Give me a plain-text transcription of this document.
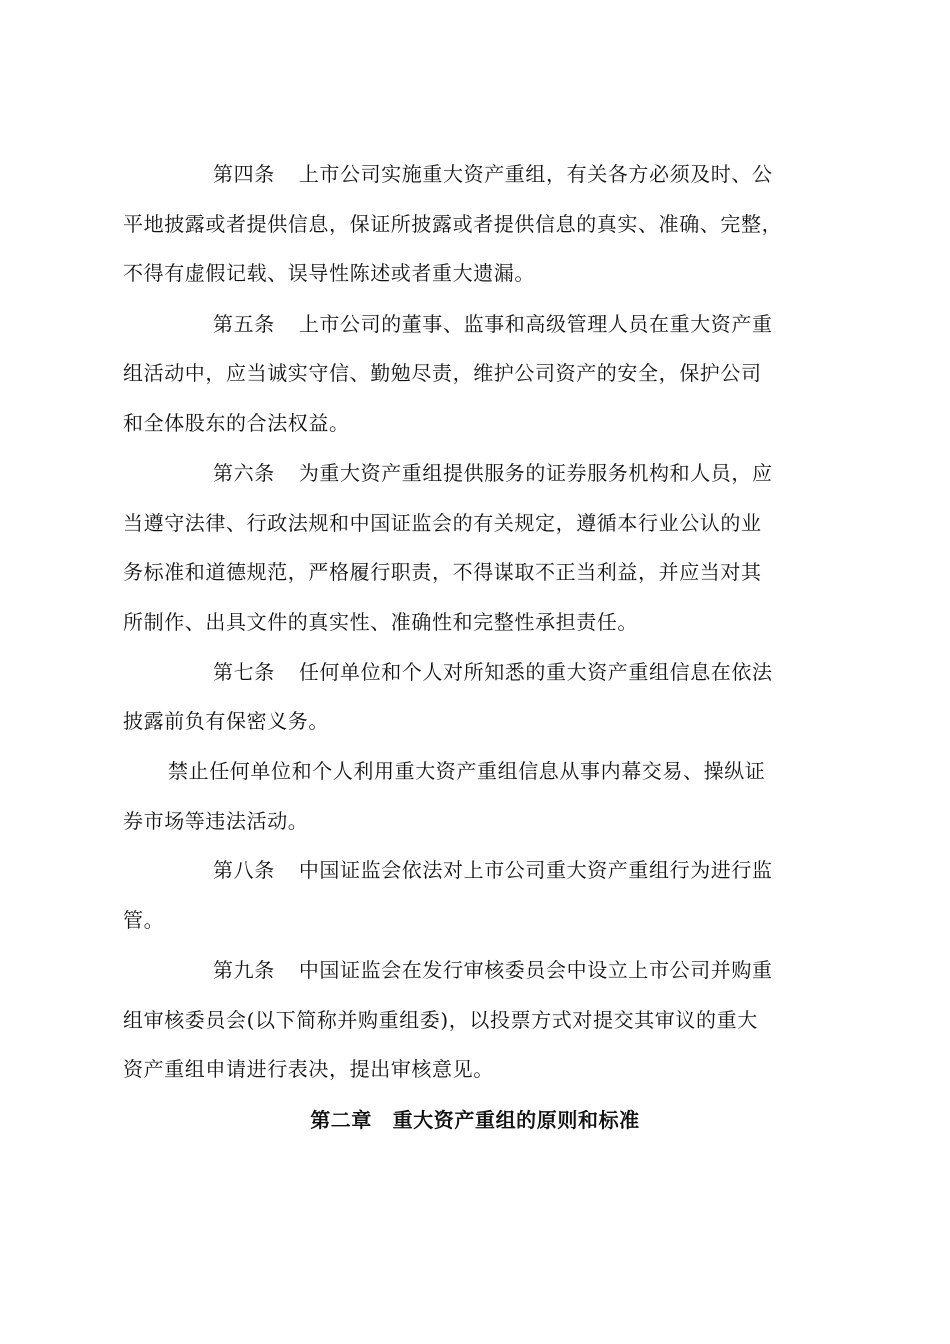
第四条 上市公司实施重大资产重组，有关各方必须及时、公
平地披露或者提供信息，保证所披露或者提供信息的真实、准确、完整，
不得有虚假记载、误导性陈述或者重大遗漏。
第五条 上市公司的董事、监事和高级管理人员在重大资产重
组活动中，应当诚实守信、勤勉尽责，维护公司资产的安全，保护公司
和全体股东的合法权益。
第六条 为重大资产重组提供服务的证券服务机构和人员，应
当遵守法律、行政法规和中国证监会的有关规定，遵循本行业公认的业
务标准和道德规范，严格履行职责，不得谋取不正当利益，并应当对其
所制作、出具文件的真实性、准确性和完整性承担责任。
第七条 任何单位和个人对所知悉的重大资产重组信息在依法
披露前负有保密义务。
禁止任何单位和个人利用重大资产重组信息从事内幕交易、操纵证
券市场等违法活动。
第八条 中国证监会依法对上市公司重大资产重组行为进行监
管。
第九条 中国证监会在发行审核委员会中设立上市公司并购重
组审核委员会(以下简称并购重组委)，以投票方式对提交其审议的重大
资产重组申请进行表决，提出审核意见。
第二章　重大资产重组的原则和标准
